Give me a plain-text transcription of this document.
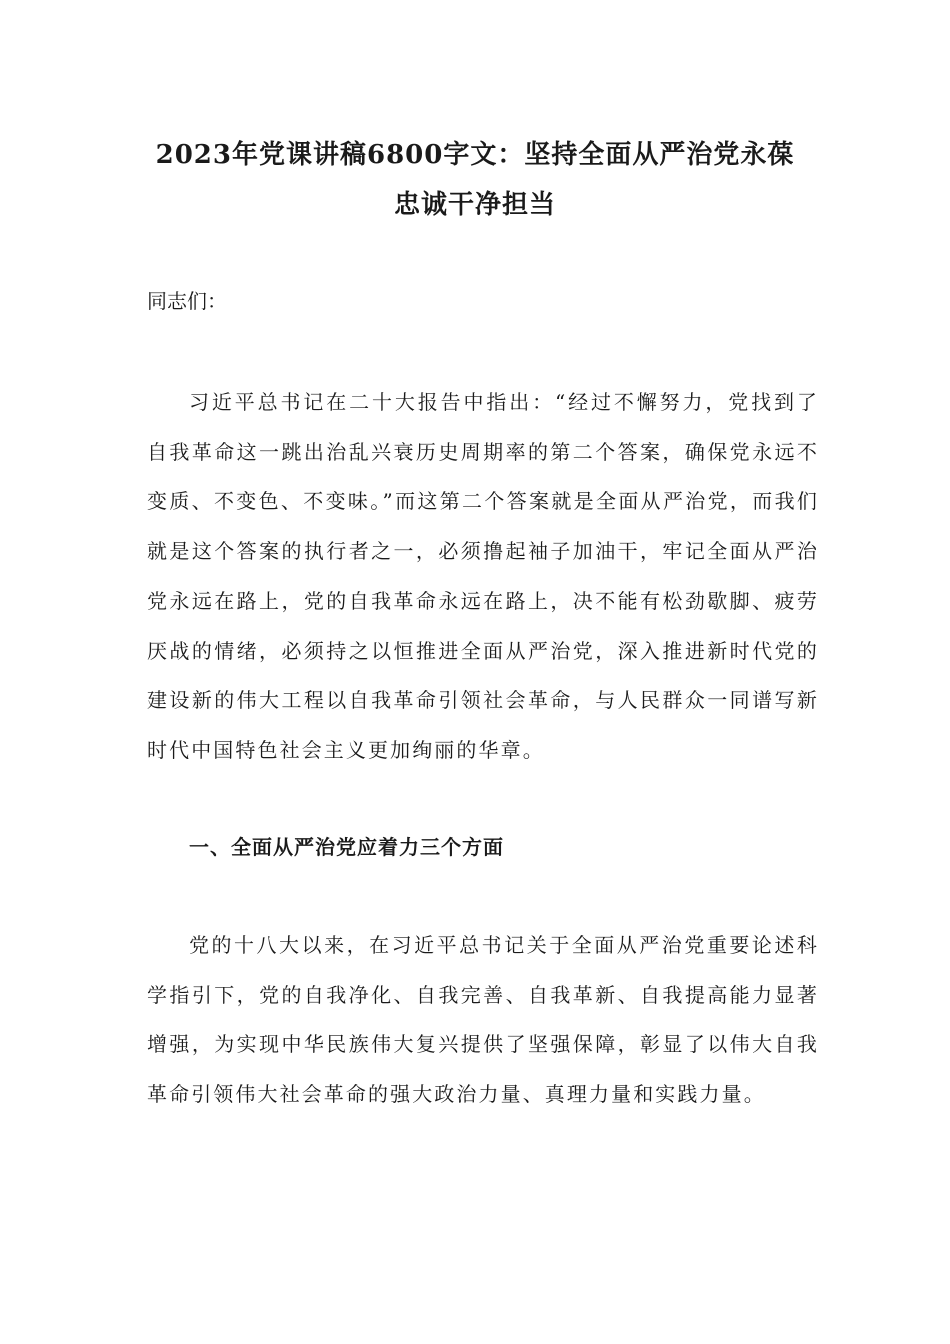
2023年党课讲稿6800字文：坚持全面从严治党永葆
忠诚干净担当
同志们：

习近平总书记在二十大报告中指出：“经过不懈努力，党找到了自我革命这一跳出治乱兴衰历史周期率的第二个答案，确保党永远不变质、不变色、不变味。”而这第二个答案就是全面从严治党，而我们就是这个答案的执行者之一，必须撸起袖子加油干，牢记全面从严治党永远在路上，党的自我革命永远在路上，决不能有松劲歇脚、疲劳厌战的情绪，必须持之以恒推进全面从严治党，深入推进新时代党的建设新的伟大工程以自我革命引领社会革命，与人民群众一同谱写新时代中国特色社会主义更加绚丽的华章。

一、全面从严治党应着力三个方面

党的十八大以来，在习近平总书记关于全面从严治党重要论述科学指引下，党的自我净化、自我完善、自我革新、自我提高能力显著增强，为实现中华民族伟大复兴提供了坚强保障，彰显了以伟大自我革命引领伟大社会革命的强大政治力量、真理力量和实践力量。
